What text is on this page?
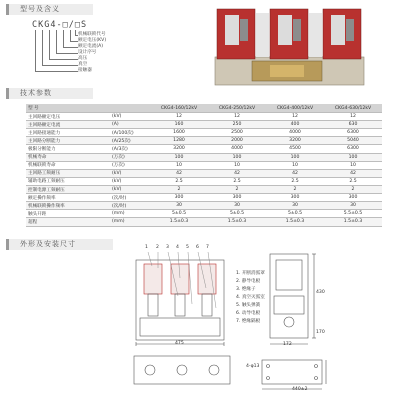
型号及含义
CKG4-□/□S
机械联锁代号
额定电压(KV)
额定电流(A)
设计序号
高压
真空
接触器
技术参数
型 号		CKG4-160/12kV	CKG4-250/12kV	CKG4-400/12kV	CKG4-630/12kV
主回路额定电压	(kV)	12	12	12	12
主回路额定电流	(A)	160	250	400	630
主回路接通能力	(A/100次)	1600	2500	4000	6300
主回路分断能力	(A/25次)	1280	2000	3200	5040
极限分断能力	(A/3次)	3200	4000	4500	6300
机械寿命	(万次)	100	100	100	100
机械联锁寿命	(万次)	10	10	10	10
主回路工频耐压	(kV)	42	42	42	42
辅助电路工频耐压	(kV)	2.5	2.5	2.5	2.5
控制电源工频耐压	(kV)	2	2	2	2
额定操作频率	(次/时)	300	300	300	300
机械联锁操作频率	(次/时)	30	30	30	30
触头开距	(mm)	5±0.5	5±0.5	5±0.5	5.5±0.5
超程	(mm)	1.5±0.3	1.5±0.3	1.5±0.3	1.5±0.3
外形及安装尺寸	1 2 3 4 5 6 7
475
430
170
172
1. 开断消弧罩
2. 静导电板
3. 绝缘子
4. 真空灭弧室
5. 触头弹簧
6. 动导电板
7. 绝缘隔板
440±2
4-φ13
